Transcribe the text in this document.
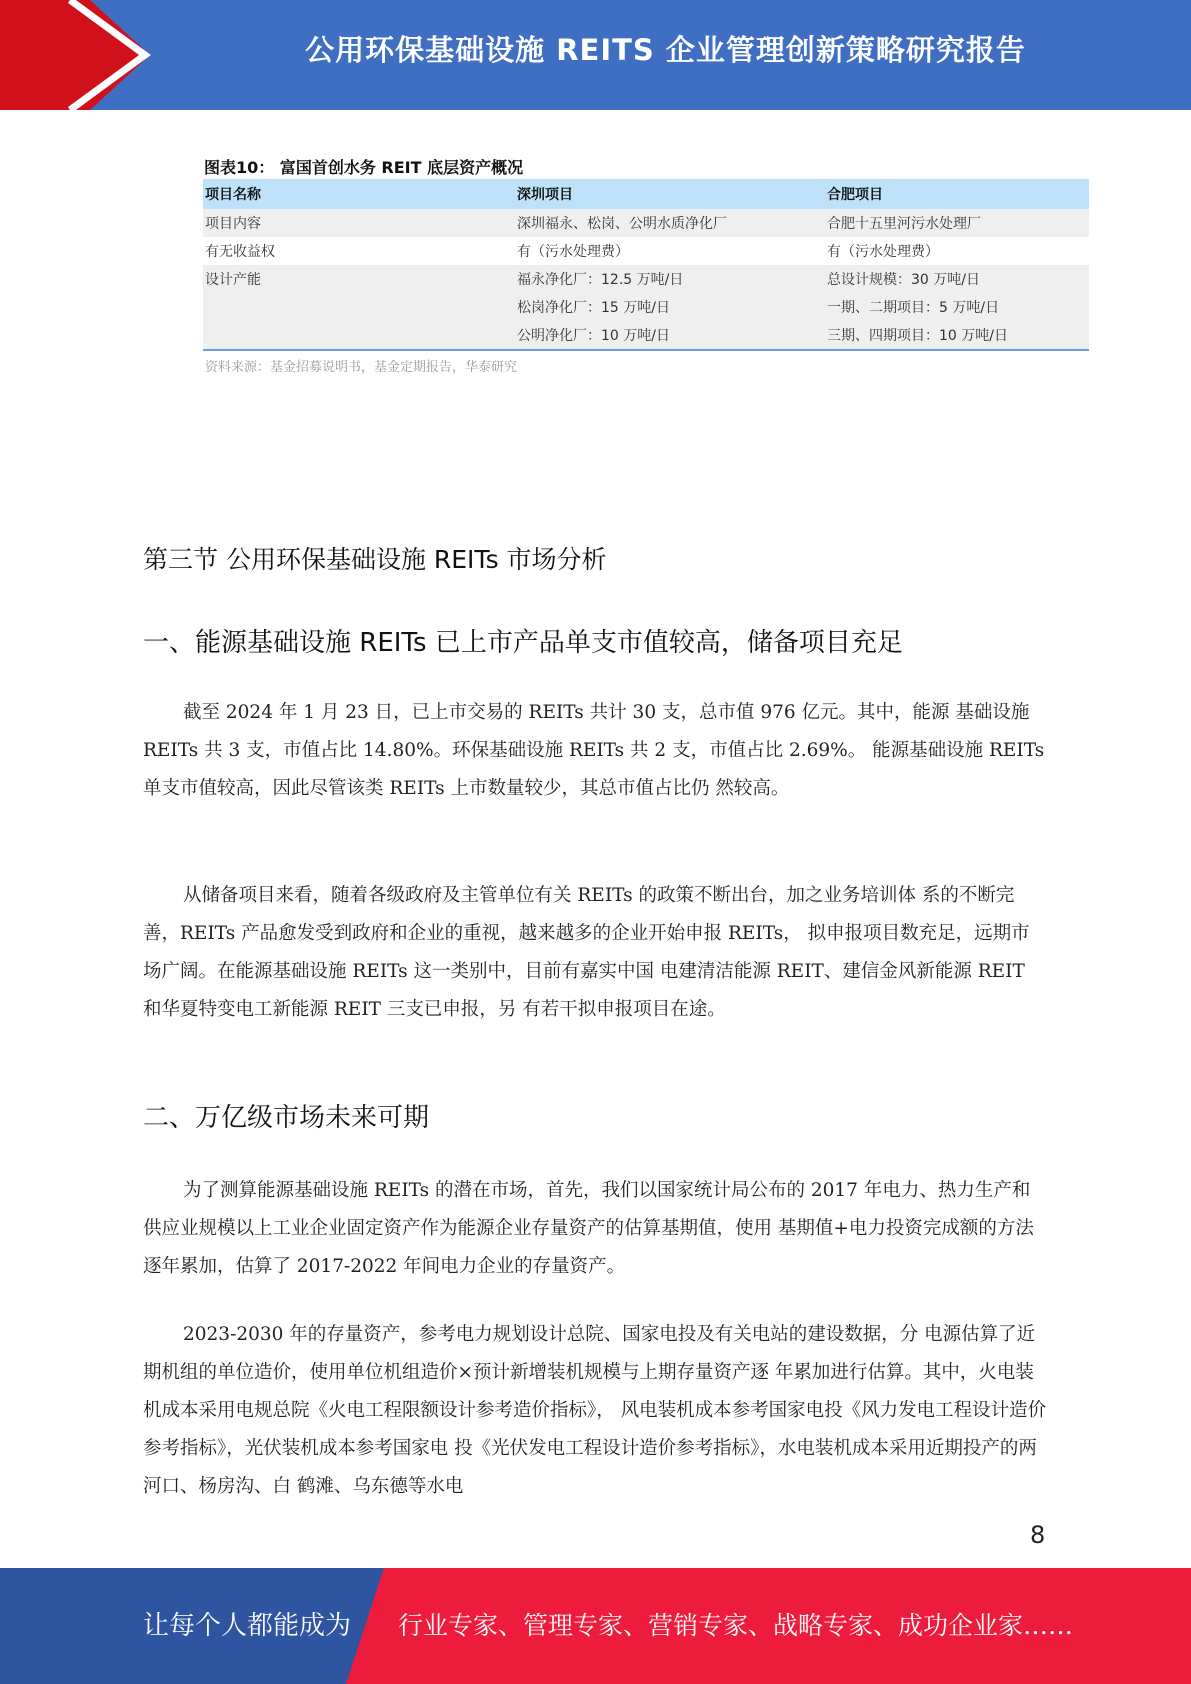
公用环保基础设施 REITS 企业管理创新策略研究报告
图表10： 富国首创水务 REIT 底层资产概况
项目名称	深圳项目	合肥项目
项目内容	深圳福永、松岗、公明水质净化厂	合肥十五里河污水处理厂
有无收益权	有（污水处理费）	有（污水处理费）
设计产能	福永净化厂：12.5 万吨/日	总设计规模：30 万吨/日
	松岗净化厂：15 万吨/日	一期、二期项目：5 万吨/日
	公明净化厂：10 万吨/日	三期、四期项目：10 万吨/日
资料来源：基金招募说明书，基金定期报告，华泰研究
第三节 公用环保基础设施 REITs 市场分析
一、能源基础设施 REITs 已上市产品单支市值较高，储备项目充足

截至 2024 年 1 月 23 日，已上市交易的 REITs 共计 30 支，总市值 976 亿元。其中，能源 基础设施 REITs 共 3 支，市值占比 14.80%。环保基础设施 REITs 共 2 支，市值占比 2.69%。 能源基础设施 REITs 单支市值较高，因此尽管该类 REITs 上市数量较少，其总市值占比仍 然较高。

从储备项目来看，随着各级政府及主管单位有关 REITs 的政策不断出台，加之业务培训体 系的不断完善，REITs 产品愈发受到政府和企业的重视，越来越多的企业开始申报 REITs， 拟申报项目数充足，远期市场广阔。在能源基础设施 REITs 这一类别中，目前有嘉实中国 电建清洁能源 REIT、建信金风新能源 REIT 和华夏特变电工新能源 REIT 三支已申报，另 有若干拟申报项目在途。

二、万亿级市场未来可期

为了测算能源基础设施 REITs 的潜在市场，首先，我们以国家统计局公布的 2017 年电力、热力生产和供应业规模以上工业企业固定资产作为能源企业存量资产的估算基期值，使用 基期值+电力投资完成额的方法逐年累加，估算了 2017-2022 年间电力企业的存量资产。

2023-2030 年的存量资产，参考电力规划设计总院、国家电投及有关电站的建设数据，分 电源估算了近期机组的单位造价，使用单位机组造价×预计新增装机规模与上期存量资产逐 年累加进行估算。其中，火电装机成本采用电规总院《火电工程限额设计参考造价指标》， 风电装机成本参考国家电投《风力发电工程设计造价参考指标》，光伏装机成本参考国家电 投《光伏发电工程设计造价参考指标》，水电装机成本采用近期投产的两河口、杨房沟、白 鹤滩、乌东德等水电

8
让每个人都能成为 行业专家、管理专家、营销专家、战略专家、成功企业家……
